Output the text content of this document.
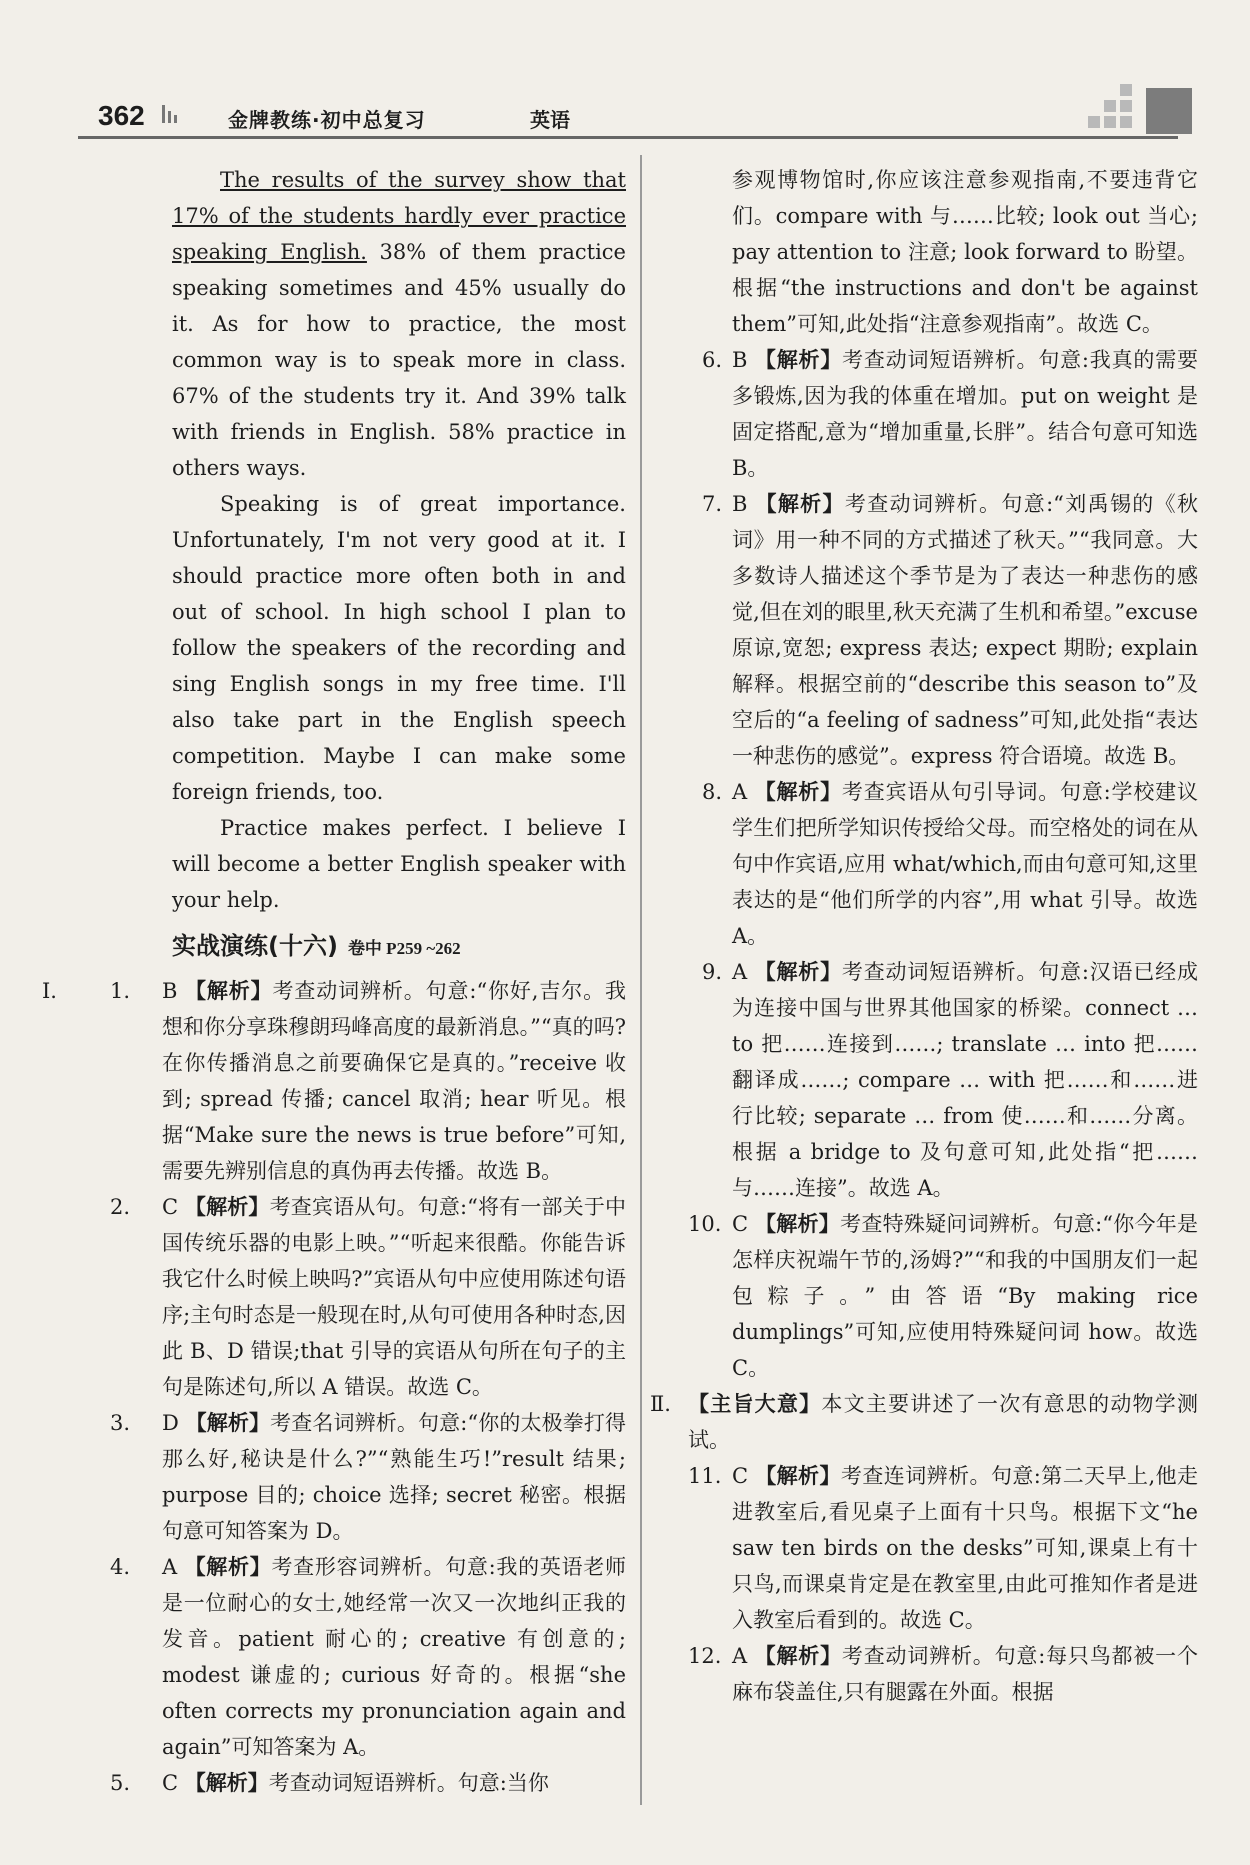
362	金牌教练·初中总复习	英语

The results of the survey show that 17% of the students hardly ever practice speaking English. 38% of them practice speaking sometimes and 45% usually do it. As for how to practice, the most common way is to speak more in class. 67% of the students try it. And 39% talk with friends in English. 58% practice in others ways.

Speaking is of great importance. Unfortunately, I'm not very good at it. I should practice more often both in and out of school. In high school I plan to follow the speakers of the recording and sing English songs in my free time. I'll also take part in the English speech competition. Maybe I can make some foreign friends, too.

Practice makes perfect. I believe I will become a better English speaker with your help.

实战演练(十六) 卷中 P259 ~262
Ⅰ.	1. B 【解析】考查动词辨析。句意:“你好,吉尔。我想和你分享珠穆朗玛峰高度的最新消息。”“真的吗?在你传播消息之前要确保它是真的。”receive 收到; spread 传播; cancel 取消; hear 听见。根据“Make sure the news is true before”可知,需要先辨别信息的真伪再去传播。故选 B。
2. C 【解析】考查宾语从句。句意:“将有一部关于中国传统乐器的电影上映。”“听起来很酷。你能告诉我它什么时候上映吗?”宾语从句中应使用陈述句语序;主句时态是一般现在时,从句可使用各种时态,因此 B、D 错误;that 引导的宾语从句所在句子的主句是陈述句,所以 A 错误。故选 C。
3. D 【解析】考查名词辨析。句意:“你的太极拳打得那么好,秘诀是什么?”“熟能生巧!”result 结果; purpose 目的; choice 选择; secret 秘密。根据句意可知答案为 D。
4. A 【解析】考查形容词辨析。句意:我的英语老师是一位耐心的女士,她经常一次又一次地纠正我的发音。patient 耐心的; creative 有创意的; modest 谦虚的; curious 好奇的。根据“she often corrects my pronunciation again and again”可知答案为 A。
5. C 【解析】考查动词短语辨析。句意:当你

参观博物馆时,你应该注意参观指南,不要违背它们。compare with 与……比较; look out 当心; pay attention to 注意; look forward to 盼望。根据“the instructions and don't be against them”可知,此处指“注意参观指南”。故选 C。

6. B 【解析】考查动词短语辨析。句意:我真的需要多锻炼,因为我的体重在增加。put on weight 是固定搭配,意为“增加重量,长胖”。结合句意可知选 B。
7. B 【解析】考查动词辨析。句意:“刘禹锡的《秋词》用一种不同的方式描述了秋天。”“我同意。大多数诗人描述这个季节是为了表达一种悲伤的感觉,但在刘的眼里,秋天充满了生机和希望。”excuse 原谅,宽恕; express 表达; expect 期盼; explain 解释。根据空前的“describe this season to”及空后的“a feeling of sadness”可知,此处指“表达一种悲伤的感觉”。express 符合语境。故选 B。
8. A 【解析】考查宾语从句引导词。句意:学校建议学生们把所学知识传授给父母。而空格处的词在从句中作宾语,应用 what/which,而由句意可知,这里表达的是“他们所学的内容”,用 what 引导。故选 A。
9. A 【解析】考查动词短语辨析。句意:汉语已经成为连接中国与世界其他国家的桥梁。connect … to 把……连接到……; translate … into 把……翻译成……; compare … with 把……和……进行比较; separate … from 使……和……分离。根据 a bridge to 及句意可知,此处指“把……与……连接”。故选 A。
10. C 【解析】考查特殊疑问词辨析。句意:“你今年是怎样庆祝端午节的,汤姆?”“和我的中国朋友们一起包粽子。”由答语“By making rice dumplings”可知,应使用特殊疑问词 how。故选 C。
Ⅱ. 【主旨大意】本文主要讲述了一次有意思的动物学测试。
11. C 【解析】考查连词辨析。句意:第二天早上,他走进教室后,看见桌子上面有十只鸟。根据下文“he saw ten birds on the desks”可知,课桌上有十只鸟,而课桌肯定是在教室里,由此可推知作者是进入教室后看到的。故选 C。
12. A 【解析】考查动词辨析。句意:每只鸟都被一个麻布袋盖住,只有腿露在外面。根据
